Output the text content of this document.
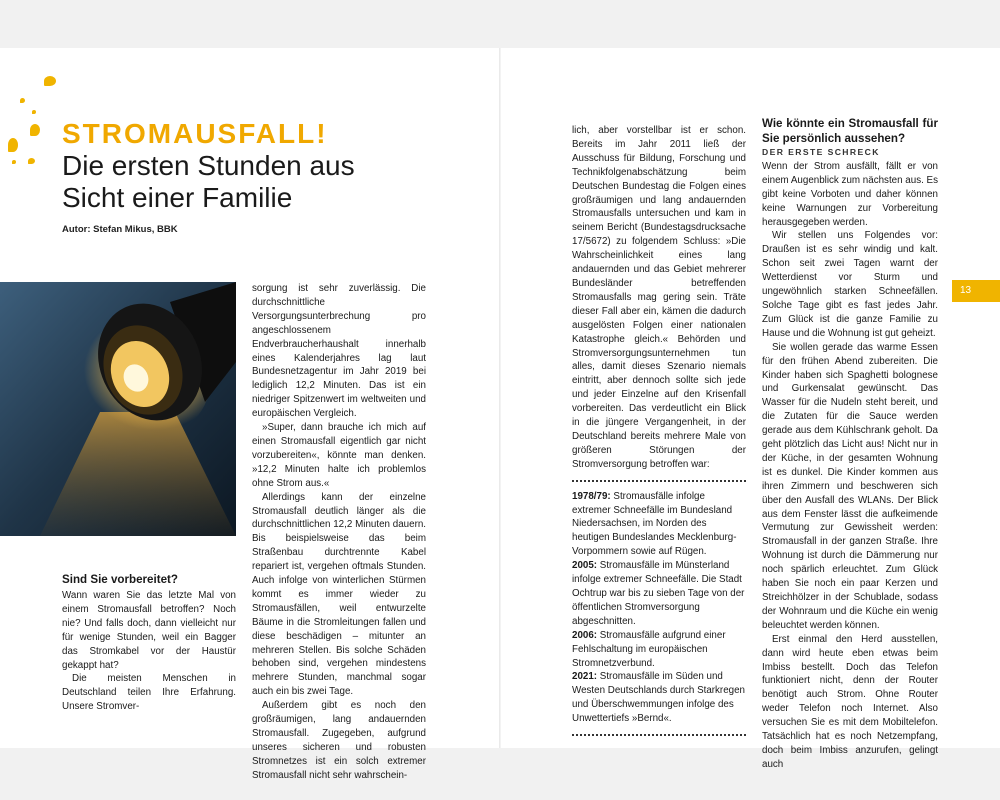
STROMAUSFALL!
Die ersten Stunden aus Sicht einer Familie
Autor: Stefan Mikus, BBK

Sind Sie vorbereitet?

Wann waren Sie das letzte Mal von einem Stromausfall betroffen? Noch nie? Und falls doch, dann vielleicht nur für wenige Stunden, weil ein Bagger das Stromkabel vor der Haustür gekappt hat?

Die meisten Menschen in Deutschland teilen Ihre Erfahrung. Unsere Stromver-

sorgung ist sehr zuverlässig. Die durchschnittliche Versorgungsunterbrechung pro angeschlossenem Endverbraucherhaushalt innerhalb eines Kalenderjahres lag laut Bundesnetzagentur im Jahr 2019 bei lediglich 12,2 Minuten. Das ist ein niedriger Spitzenwert im weltweiten und europäischen Vergleich.

»Super, dann brauche ich mich auf einen Stromausfall eigentlich gar nicht vorzubereiten«, könnte man denken. »12,2 Minuten halte ich problemlos ohne Strom aus.«

Allerdings kann der einzelne Stromausfall deutlich länger als die durchschnittlichen 12,2 Minuten dauern. Bis beispielsweise das beim Straßenbau durchtrennte Kabel repariert ist, vergehen oftmals Stunden. Auch infolge von winterlichen Stürmen kommt es immer wieder zu Stromausfällen, weil entwurzelte Bäume in die Stromleitungen fallen und diese beschädigen – mitunter an mehreren Stellen. Bis solche Schäden behoben sind, vergehen mindestens mehrere Stunden, manchmal sogar auch ein bis zwei Tage.

Außerdem gibt es noch den großräumigen, lang andauernden Stromausfall. Zugegeben, aufgrund unseres sicheren und robusten Stromnetzes ist ein solch extremer Stromausfall nicht sehr wahrschein-

lich, aber vorstellbar ist er schon. Bereits im Jahr 2011 ließ der Ausschuss für Bildung, Forschung und Technikfolgenabschätzung beim Deutschen Bundestag die Folgen eines großräumigen und lang andauernden Stromausfalls untersuchen und kam in seinem Bericht (Bundestagsdrucksache 17/5672) zu folgendem Schluss: »Die Wahrscheinlichkeit eines lang andauernden und das Gebiet mehrerer Bundesländer betreffenden Stromausfalls mag gering sein. Träte dieser Fall aber ein, kämen die dadurch ausgelösten Folgen einer nationalen Katastrophe gleich.« Behörden und Stromversorgungsunternehmen tun alles, damit dieses Szenario niemals eintritt, aber dennoch sollte sich jede und jeder Einzelne auf den Krisenfall vorbereiten. Das verdeutlicht ein Blick in die jüngere Vergangenheit, in der Deutschland bereits mehrere Male von größeren Störungen der Stromversorgung betroffen war:

1978/79: Stromausfälle infolge extremer Schneefälle im Bundesland Niedersachsen, im Norden des heutigen Bundeslandes Mecklenburg-Vorpommern sowie auf Rügen.

2005: Stromausfälle im Münsterland infolge extremer Schneefälle. Die Stadt Ochtrup war bis zu sieben Tage von der öffentlichen Stromversorgung abgeschnitten.

2006: Stromausfälle aufgrund einer Fehlschaltung im europäischen Stromnetzverbund.

2021: Stromausfälle im Süden und Westen Deutschlands durch Starkregen und Überschwemmungen infolge des Unwettertiefs »Bernd«.

Wie könnte ein Stromausfall für Sie persönlich aussehen?

DER ERSTE SCHRECK

Wenn der Strom ausfällt, fällt er von einem Augenblick zum nächsten aus. Es gibt keine Vorboten und daher können keine Warnungen zur Vorbereitung herausgegeben werden.

Wir stellen uns Folgendes vor: Draußen ist es sehr windig und kalt. Schon seit zwei Tagen warnt der Wetterdienst vor Sturm und ungewöhnlich starken Schneefällen. Solche Tage gibt es fast jedes Jahr. Zum Glück ist die ganze Familie zu Hause und die Wohnung ist gut geheizt.

Sie wollen gerade das warme Essen für den frühen Abend zubereiten. Die Kinder haben sich Spaghetti bolognese und Gurkensalat gewünscht. Das Wasser für die Nudeln steht bereit, und die Zutaten für die Sauce werden gerade aus dem Kühlschrank geholt. Da geht plötzlich das Licht aus! Nicht nur in der Küche, in der gesamten Wohnung ist es dunkel. Die Kinder kommen aus ihren Zimmern und beschweren sich über den Ausfall des WLANs. Der Blick aus dem Fenster lässt die aufkeimende Vermutung zur Gewissheit werden: Stromausfall in der ganzen Straße. Ihre Wohnung ist durch die Dämmerung nur noch spärlich erleuchtet. Zum Glück haben Sie noch ein paar Kerzen und Streichhölzer in der Schublade, sodass der Wohnraum und die Küche ein wenig beleuchtet werden können.

Erst einmal den Herd ausstellen, dann wird heute eben etwas beim Imbiss bestellt. Doch das Telefon funktioniert nicht, denn der Router benötigt auch Strom. Ohne Router weder Telefon noch Internet. Also versuchen Sie es mit dem Mobiltelefon. Tatsächlich hat es noch Netzempfang, doch beim Imbiss anzurufen, gelingt auch

13
